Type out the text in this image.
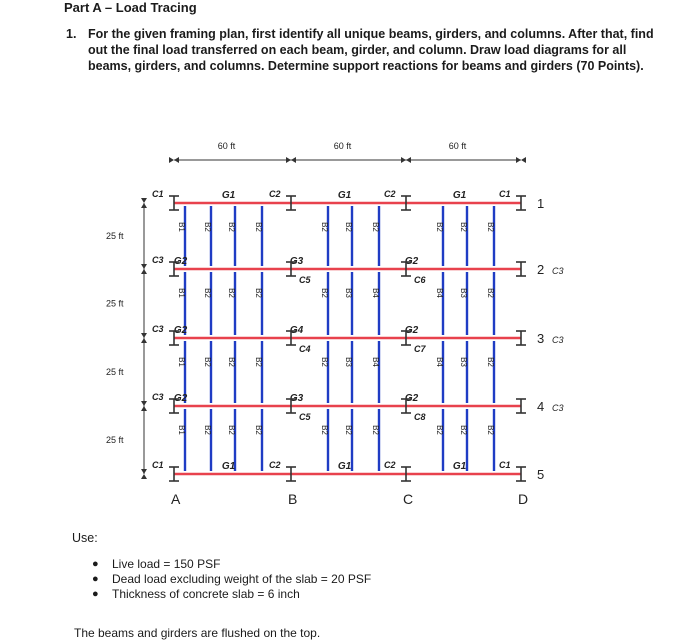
Part A – Load Tracing
1. For the given framing plan, first identify all unique beams, girders, and columns. After that, find out the final load transferred on each beam, girder, and column. Draw load diagrams for all beams, girders, and columns. Determine support reactions for beams and girders (70 Points).
B1 B2 B2 B2	B2 B2 B2	B2 B2 B2
B1 B2 B2 B2	B2 B3 B4	B4 B3 B2
B1 B2 B2 B2	B2 B3 B4	B4 B3 B2
B1 B2 B2 B2	B2 B2 B2	B2 B2 B2
G1	G1	G1
G2	G3	G2
G2	G4	G2
G2	G3	G2
G1	G1	G1
C1	C2	C2	C1
C3
C5	C6
C3
C4	C7
C3
C5	C8
C1	C2	C2	C1
60 ft	60 ft	60 ft
25 ft
25 ft
25 ft
25 ft
1
2 C3
3 C3
4 C3
5
A	B	C	D
Use:
●	Live load = 150 PSF
●	Dead load excluding weight of the slab = 20 PSF
●	Thickness of concrete slab = 6 inch
The beams and girders are flushed on the top.
